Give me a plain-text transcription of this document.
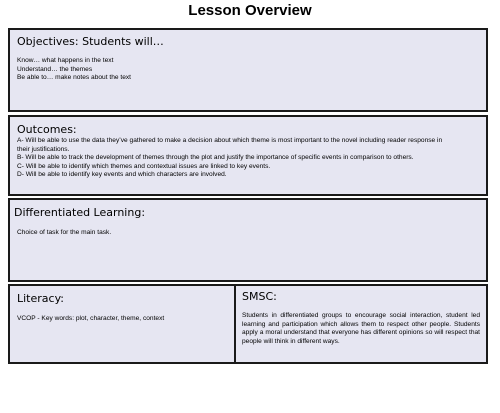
Lesson Overview
Objectives: Students will…
Know… what happens in the text
Understand… the themes
Be able to… make notes about the text
Outcomes:
A- Will be able to use the data they’ve gathered to make a decision about which theme is most important to the novel including reader response in
their justifications.
B- Will be able to track the development of themes through the plot and justify the importance of specific events in comparison to others.
C- Will be able to identify which themes and contextual issues are linked to key events.
D- Will be able to identify key events and which characters are involved.
Differentiated Learning:
Choice of task for the main task.
Literacy:
VCOP - Key words: plot, character, theme, context
SMSC:
Students in differentiated groups to encourage social interaction, student led learning and participation which allows them to respect other people. Students apply a moral understand that everyone has different opinions so will respect that people will think in different ways.
